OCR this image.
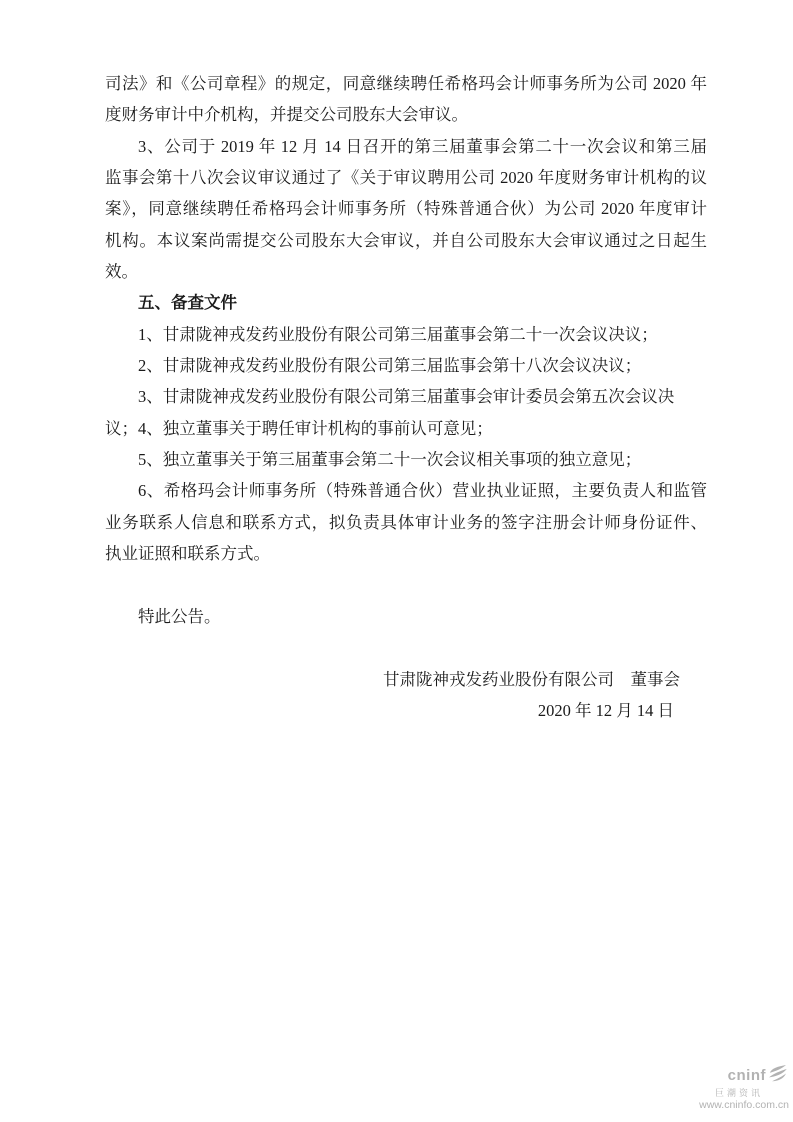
司法》和《公司章程》的规定，同意继续聘任希格玛会计师事务所为公司 2020 年
度财务审计中介机构，并提交公司股东大会审议。
3、公司于 2019 年 12 月 14 日召开的第三届董事会第二十一次会议和第三届
监事会第十八次会议审议通过了《关于审议聘用公司 2020 年度财务审计机构的议
案》，同意继续聘任希格玛会计师事务所（特殊普通合伙）为公司 2020 年度审计
机构。本议案尚需提交公司股东大会审议，并自公司股东大会审议通过之日起生
效。
五、备查文件
1、甘肃陇神戎发药业股份有限公司第三届董事会第二十一次会议决议；
2、甘肃陇神戎发药业股份有限公司第三届监事会第十八次会议决议；
3、甘肃陇神戎发药业股份有限公司第三届董事会审计委员会第五次会议决议； 4、独立董事关于聘任审计机构的事前认可意见；
5、独立董事关于第三届董事会第二十一次会议相关事项的独立意见；
6、希格玛会计师事务所（特殊普通合伙）营业执业证照，主要负责人和监管
业务联系人信息和联系方式，拟负责具体审计业务的签字注册会计师身份证件、
执业证照和联系方式。
特此公告。
甘肃陇神戎发药业股份有限公司　董事会
2020 年 12 月 14 日
cninf
巨潮资讯
www.cninfo.com.cn
